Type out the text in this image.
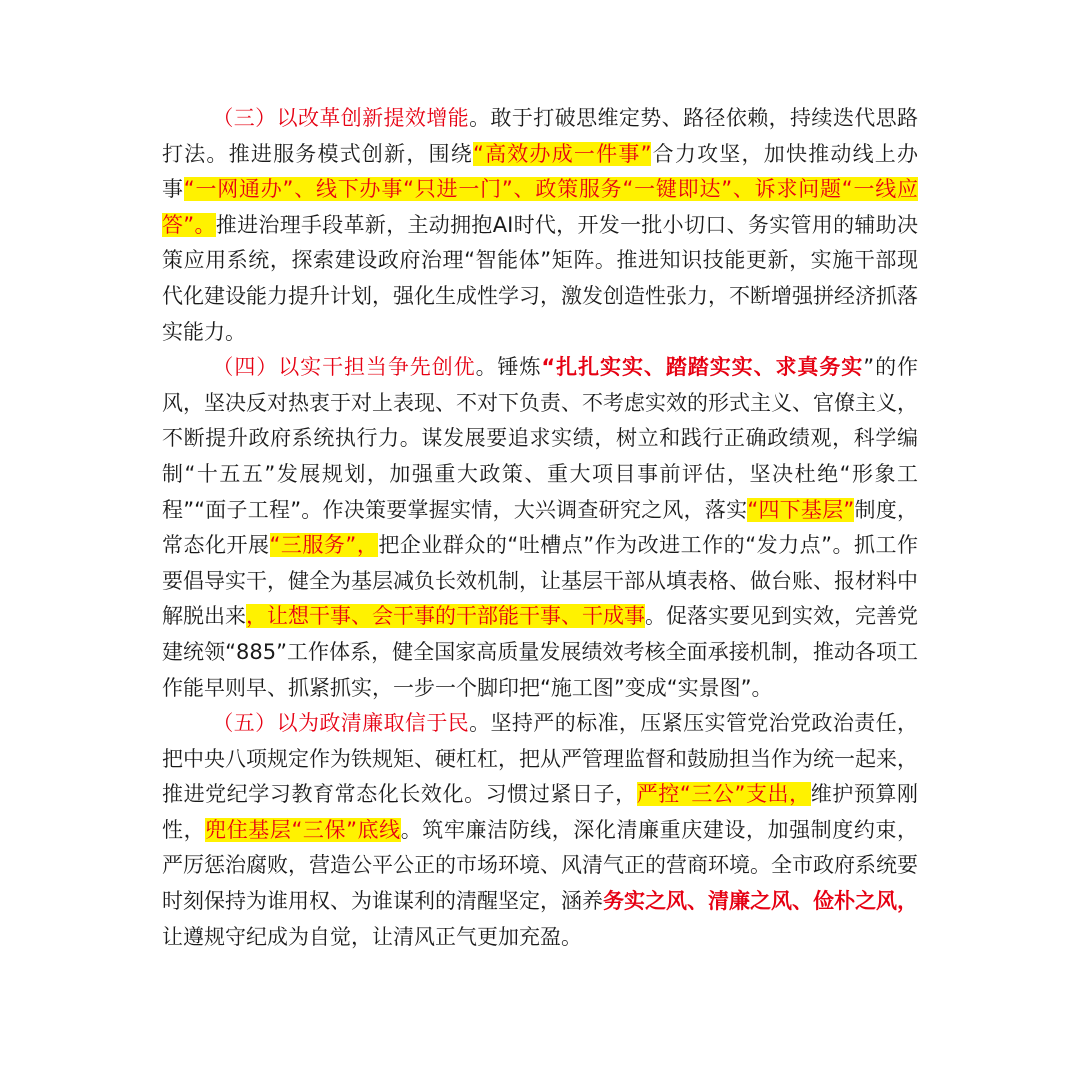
（三）以改革创新提效增能。敢于打破思维定势、路径依赖，持续迭代思路打法。推进服务模式创新，围绕“高效办成一件事”合力攻坚，加快推动线上办事“一网通办”、线下办事“只进一门”、政策服务“一键即达”、诉求问题“一线应答”。推进治理手段革新，主动拥抱AI时代，开发一批小切口、务实管用的辅助决策应用系统，探索建设政府治理“智能体”矩阵。推进知识技能更新，实施干部现代化建设能力提升计划，强化生成性学习，激发创造性张力，不断增强拼经济抓落实能力。

（四）以实干担当争先创优。锤炼“扎扎实实、踏踏实实、求真务实”的作风，坚决反对热衷于对上表现、不对下负责、不考虑实效的形式主义、官僚主义，不断提升政府系统执行力。谋发展要追求实绩，树立和践行正确政绩观，科学编制“十五五”发展规划，加强重大政策、重大项目事前评估，坚决杜绝“形象工程”“面子工程”。作决策要掌握实情，大兴调查研究之风，落实“四下基层”制度，常态化开展“三服务”，把企业群众的“吐槽点”作为改进工作的“发力点”。抓工作要倡导实干，健全为基层减负长效机制，让基层干部从填表格、做台账、报材料中解脱出来，让想干事、会干事的干部能干事、干成事。促落实要见到实效，完善党建统领“885”工作体系，健全国家高质量发展绩效考核全面承接机制，推动各项工作能早则早、抓紧抓实，一步一个脚印把“施工图”变成“实景图”。

（五）以为政清廉取信于民。坚持严的标准，压紧压实管党治党政治责任，把中央八项规定作为铁规矩、硬杠杠，把从严管理监督和鼓励担当作为统一起来，推进党纪学习教育常态化长效化。习惯过紧日子，严控“三公”支出，维护预算刚性，兜住基层“三保”底线。筑牢廉洁防线，深化清廉重庆建设，加强制度约束，严厉惩治腐败，营造公平公正的市场环境、风清气正的营商环境。全市政府系统要时刻保持为谁用权、为谁谋利的清醒坚定，涵养务实之风、清廉之风、俭朴之风，让遵规守纪成为自觉，让清风正气更加充盈。
